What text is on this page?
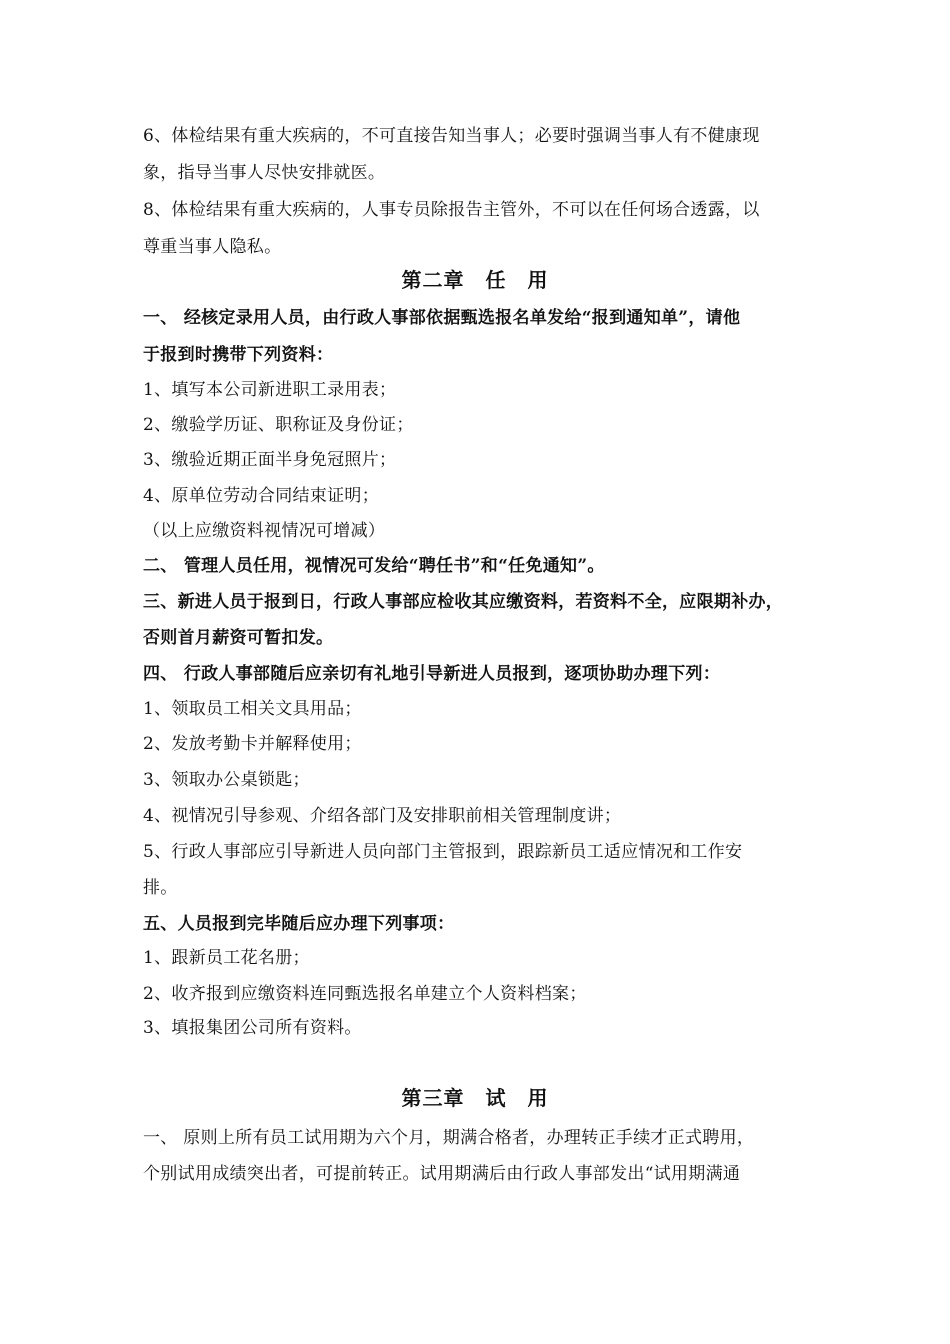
6、体检结果有重大疾病的，不可直接告知当事人；必要时强调当事人有不健康现
象，指导当事人尽快安排就医。
8、体检结果有重大疾病的，人事专员除报告主管外，不可以在任何场合透露，以
尊重当事人隐私。
第二章　任　用
一、 经核定录用人员，由行政人事部依据甄选报名单发给“报到通知单”，请他
于报到时携带下列资料：
1、填写本公司新进职工录用表；
2、缴验学历证、职称证及身份证；
3、缴验近期正面半身免冠照片；
4、原单位劳动合同结束证明；
（以上应缴资料视情况可增减）
二、 管理人员任用，视情况可发给“聘任书”和“任免通知”。
三、新进人员于报到日，行政人事部应检收其应缴资料，若资料不全，应限期补办，
否则首月薪资可暂扣发。
四、 行政人事部随后应亲切有礼地引导新进人员报到，逐项协助办理下列：
1、领取员工相关文具用品；
2、发放考勤卡并解释使用；
3、领取办公桌锁匙；
4、视情况引导参观、介绍各部门及安排职前相关管理制度讲；
5、行政人事部应引导新进人员向部门主管报到，跟踪新员工适应情况和工作安
排。
五、人员报到完毕随后应办理下列事项：
1、跟新员工花名册；
2、收齐报到应缴资料连同甄选报名单建立个人资料档案；
3、填报集团公司所有资料。
第三章　试　用
一、 原则上所有员工试用期为六个月，期满合格者，办理转正手续才正式聘用，
个别试用成绩突出者，可提前转正。试用期满后由行政人事部发出“试用期满通
